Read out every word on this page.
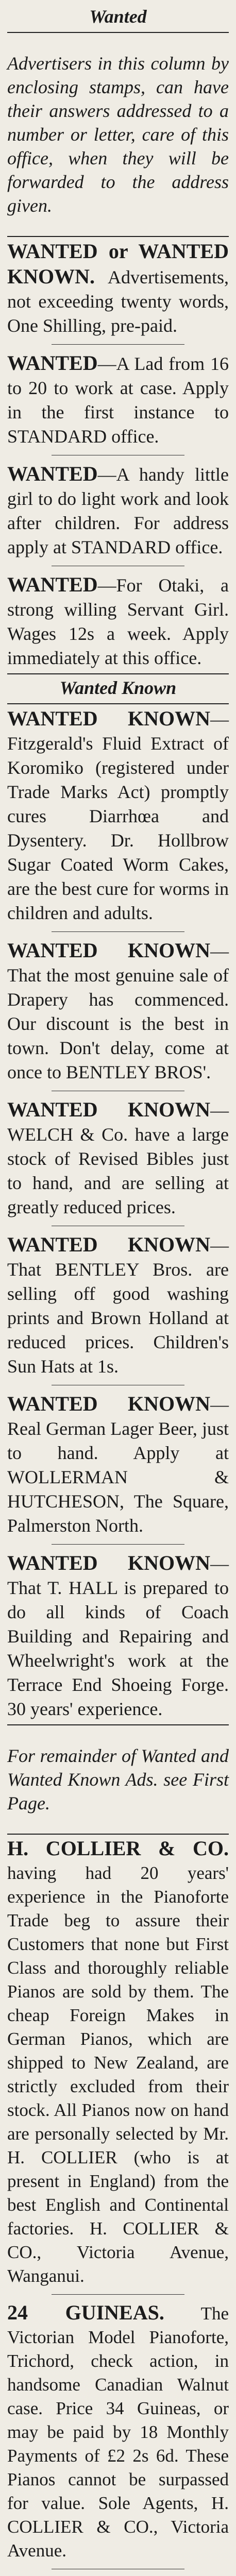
Wanted

Advertisers in this column by enclosing stamps, can have their answers addressed to a number or letter, care of this office, when they will be forwarded to the address given.

WANTED or WANTED KNOWN. Advertisements, not exceeding twenty words, One Shilling, pre-paid.
WANTED—A Lad from 16 to 20 to work at case. Apply in the first instance to STANDARD office.
WANTED—A handy little girl to do light work and look after children. For address apply at STANDARD office.
WANTED—For Otaki, a strong willing Servant Girl. Wages 12s a week. Apply immediately at this office.
Wanted Known
WANTED KNOWN—Fitzgerald's Fluid Extract of Koromiko (registered under Trade Marks Act) promptly cures Diarrhœa and Dysentery. Dr. Hollbrow Sugar Coated Worm Cakes, are the best cure for worms in children and adults.
WANTED KNOWN—That the most genuine sale of Drapery has commenced. Our discount is the best in town. Don't delay, come at once to BENTLEY BROS'.
WANTED KNOWN—WELCH & Co. have a large stock of Revised Bibles just to hand, and are selling at greatly reduced prices.
WANTED KNOWN—That BENTLEY Bros. are selling off good washing prints and Brown Holland at reduced prices. Children's Sun Hats at 1s.
WANTED KNOWN—Real German Lager Beer, just to hand. Apply at WOLLERMAN & HUTCHESON, The Square, Palmerston North.
WANTED KNOWN—That T. HALL is prepared to do all kinds of Coach Building and Repairing and Wheelwright's work at the Terrace End Shoeing Forge. 30 years' experience.

For remainder of Wanted and Wanted Known Ads. see First Page.

H. COLLIER & CO. having had 20 years' experience in the Pianoforte Trade beg to assure their Customers that none but First Class and thoroughly reliable Pianos are sold by them. The cheap Foreign Makes in German Pianos, which are shipped to New Zealand, are strictly excluded from their stock. All Pianos now on hand are personally selected by Mr. H. COLLIER (who is at present in England) from the best English and Continental factories. H. COLLIER & CO., Victoria Avenue, Wanganui.
24 GUINEAS. The Victorian Model Pianoforte, Trichord, check action, in handsome Canadian Walnut case. Price 34 Guineas, or may be paid by 18 Monthly Payments of £2 2s 6d. These Pianos cannot be surpassed for value. Sole Agents, H. COLLIER & CO., Victoria Avenue.
